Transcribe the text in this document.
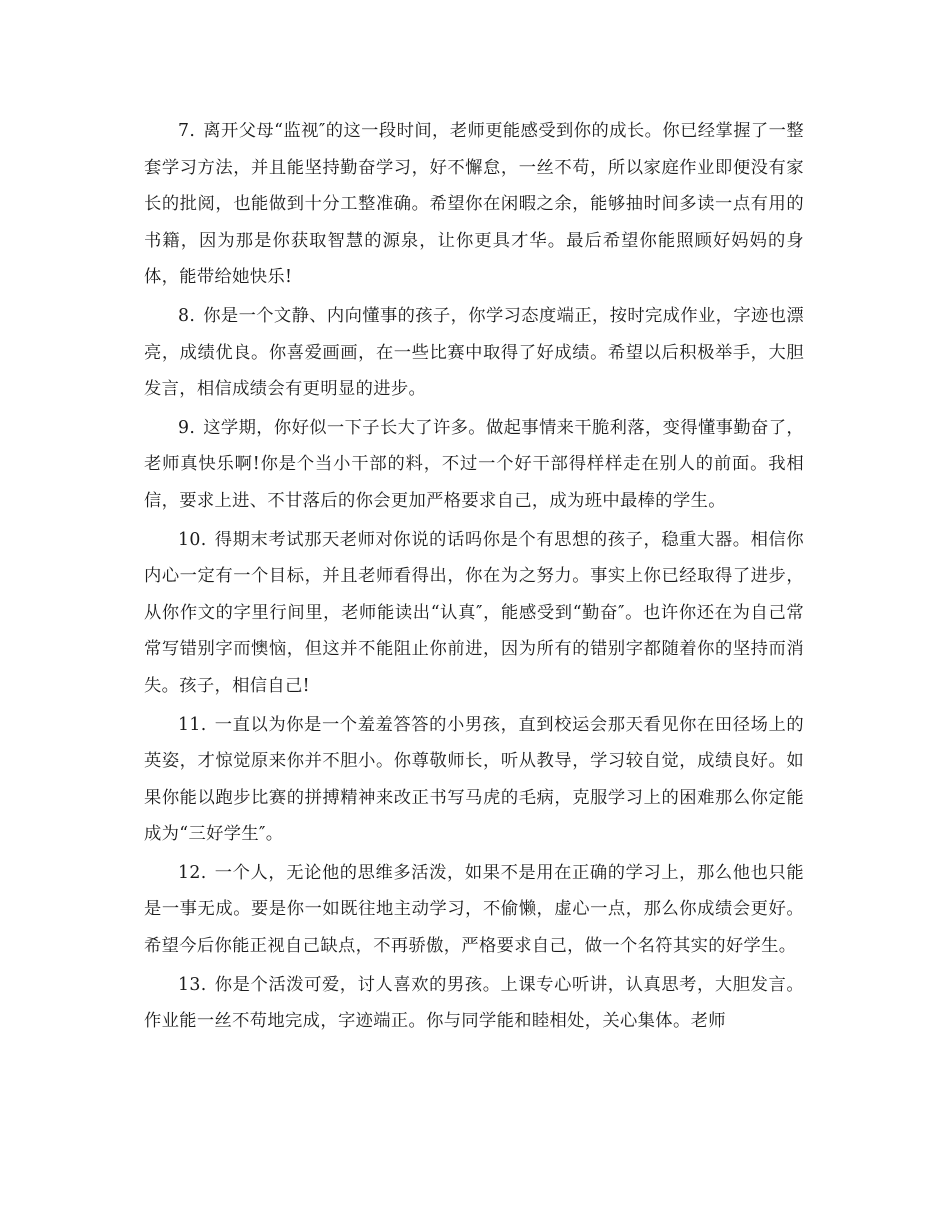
7. 离开父母“监视″的这一段时间，老师更能感受到你的成长。你已经掌握了一整套学习方法，并且能坚持勤奋学习，好不懈怠，一丝不苟，所以家庭作业即便没有家长的批阅，也能做到十分工整准确。希望你在闲暇之余，能够抽时间多读一点有用的书籍，因为那是你获取智慧的源泉，让你更具才华。最后希望你能照顾好妈妈的身体，能带给她快乐!

8. 你是一个文静、内向懂事的孩子，你学习态度端正，按时完成作业，字迹也漂亮，成绩优良。你喜爱画画，在一些比赛中取得了好成绩。希望以后积极举手，大胆发言，相信成绩会有更明显的进步。

9. 这学期，你好似一下子长大了许多。做起事情来干脆利落，变得懂事勤奋了，老师真快乐啊!你是个当小干部的料，不过一个好干部得样样走在别人的前面。我相信，要求上进、不甘落后的你会更加严格要求自己，成为班中最棒的学生。

10. 得期末考试那天老师对你说的话吗你是个有思想的孩子，稳重大器。相信你内心一定有一个目标，并且老师看得出，你在为之努力。事实上你已经取得了进步，从你作文的字里行间里，老师能读出“认真″，能感受到“勤奋″。也许你还在为自己常常写错别字而懊恼，但这并不能阻止你前进，因为所有的错别字都随着你的坚持而消失。孩子，相信自己!

11. 一直以为你是一个羞羞答答的小男孩，直到校运会那天看见你在田径场上的英姿，才惊觉原来你并不胆小。你尊敬师长，听从教导，学习较自觉，成绩良好。如果你能以跑步比赛的拼搏精神来改正书写马虎的毛病，克服学习上的困难那么你定能成为“三好学生″。

12. 一个人，无论他的思维多活泼，如果不是用在正确的学习上，那么他也只能是一事无成。要是你一如既往地主动学习，不偷懒，虚心一点，那么你成绩会更好。希望今后你能正视自己缺点，不再骄傲，严格要求自己，做一个名符其实的好学生。

13. 你是个活泼可爱，讨人喜欢的男孩。上课专心听讲，认真思考，大胆发言。作业能一丝不苟地完成，字迹端正。你与同学能和睦相处，关心集体。老师
